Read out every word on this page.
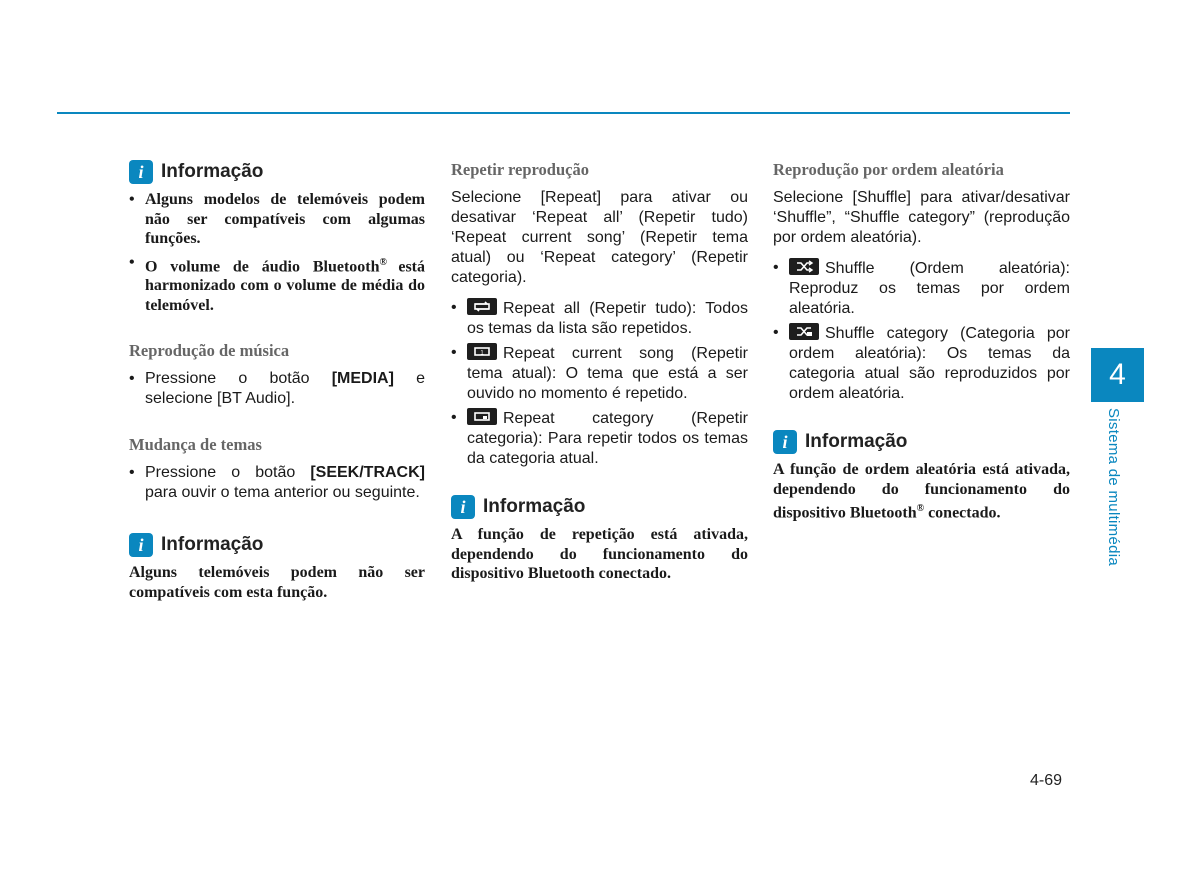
i Informação
• Alguns modelos de telemóveis podem não ser compatíveis com algumas funções.
• O volume de áudio Bluetooth® está harmonizado com o volume de média do telemóvel.

Reprodução de música

• Pressione o botão [MEDIA] e selecione [BT Audio].

Mudança de temas

• Pressione o botão [SEEK/TRACK] para ouvir o tema anterior ou seguinte.
i Informação

Alguns telemóveis podem não ser compatíveis com esta função.

Repetir reprodução

Selecione [Repeat] para ativar ou desativar ‘Repeat all’ (Repetir tudo) ‘Repeat current song’ (Repetir tema atual) ou ‘Repeat category’ (Repetir categoria).

• Repeat all (Repetir tudo): Todos os temas da lista são repetidos.
• 1 Repeat current song (Repetir tema atual): O tema que está a ser ouvido no momento é repetido.
• Repeat category (Repetir categoria): Para repetir todos os temas da categoria atual.
i Informação

A função de repetição está ativada, dependendo do funcionamento do dispositivo Bluetooth conectado.

Reprodução por ordem aleatória

Selecione [Shuffle] para ativar/desativar ‘Shuffle”, “Shuffle category” (reprodução por ordem aleatória).

• Shuffle (Ordem aleatória): Reproduz os temas por ordem aleatória.
• Shuffle category (Categoria por ordem aleatória): Os temas da categoria atual são reproduzidos por ordem aleatória.
i Informação

A função de ordem aleatória está ativada, dependendo do funcionamento do dispositivo Bluetooth® conectado.

4
Sistema de multimédia
4-69
